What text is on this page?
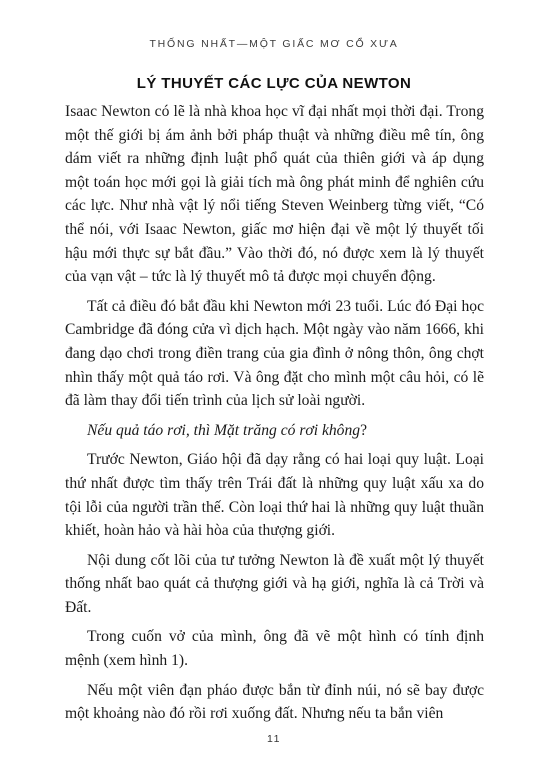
THỐNG NHẤT—MỘT GIẤC MƠ CỔ XƯA
LÝ THUYẾT CÁC LỰC CỦA NEWTON

Isaac Newton có lẽ là nhà khoa học vĩ đại nhất mọi thời đại. Trong một thế giới bị ám ảnh bởi pháp thuật và những điều mê tín, ông dám viết ra những định luật phổ quát của thiên giới và áp dụng một toán học mới gọi là giải tích mà ông phát minh để nghiên cứu các lực. Như nhà vật lý nổi tiếng Steven Weinberg từng viết, “Có thể nói, với Isaac Newton, giấc mơ hiện đại về một lý thuyết tối hậu mới thực sự bắt đầu.” Vào thời đó, nó được xem là lý thuyết của vạn vật – tức là lý thuyết mô tả được mọi chuyển động.

Tất cả điều đó bắt đầu khi Newton mới 23 tuổi. Lúc đó Đại học Cambridge đã đóng cửa vì dịch hạch. Một ngày vào năm 1666, khi đang dạo chơi trong điền trang của gia đình ở nông thôn, ông chợt nhìn thấy một quả táo rơi. Và ông đặt cho mình một câu hỏi, có lẽ đã làm thay đổi tiến trình của lịch sử loài người.

Nếu quả táo rơi, thì Mặt trăng có rơi không?

Trước Newton, Giáo hội đã dạy rằng có hai loại quy luật. Loại thứ nhất được tìm thấy trên Trái đất là những quy luật xấu xa do tội lỗi của người trần thế. Còn loại thứ hai là những quy luật thuần khiết, hoàn hảo và hài hòa của thượng giới.

Nội dung cốt lõi của tư tưởng Newton là đề xuất một lý thuyết thống nhất bao quát cả thượng giới và hạ giới, nghĩa là cả Trời và Đất.

Trong cuốn vở của mình, ông đã vẽ một hình có tính định mệnh (xem hình 1).

Nếu một viên đạn pháo được bắn từ đỉnh núi, nó sẽ bay được một khoảng nào đó rồi rơi xuống đất. Nhưng nếu ta bắn viên

11
